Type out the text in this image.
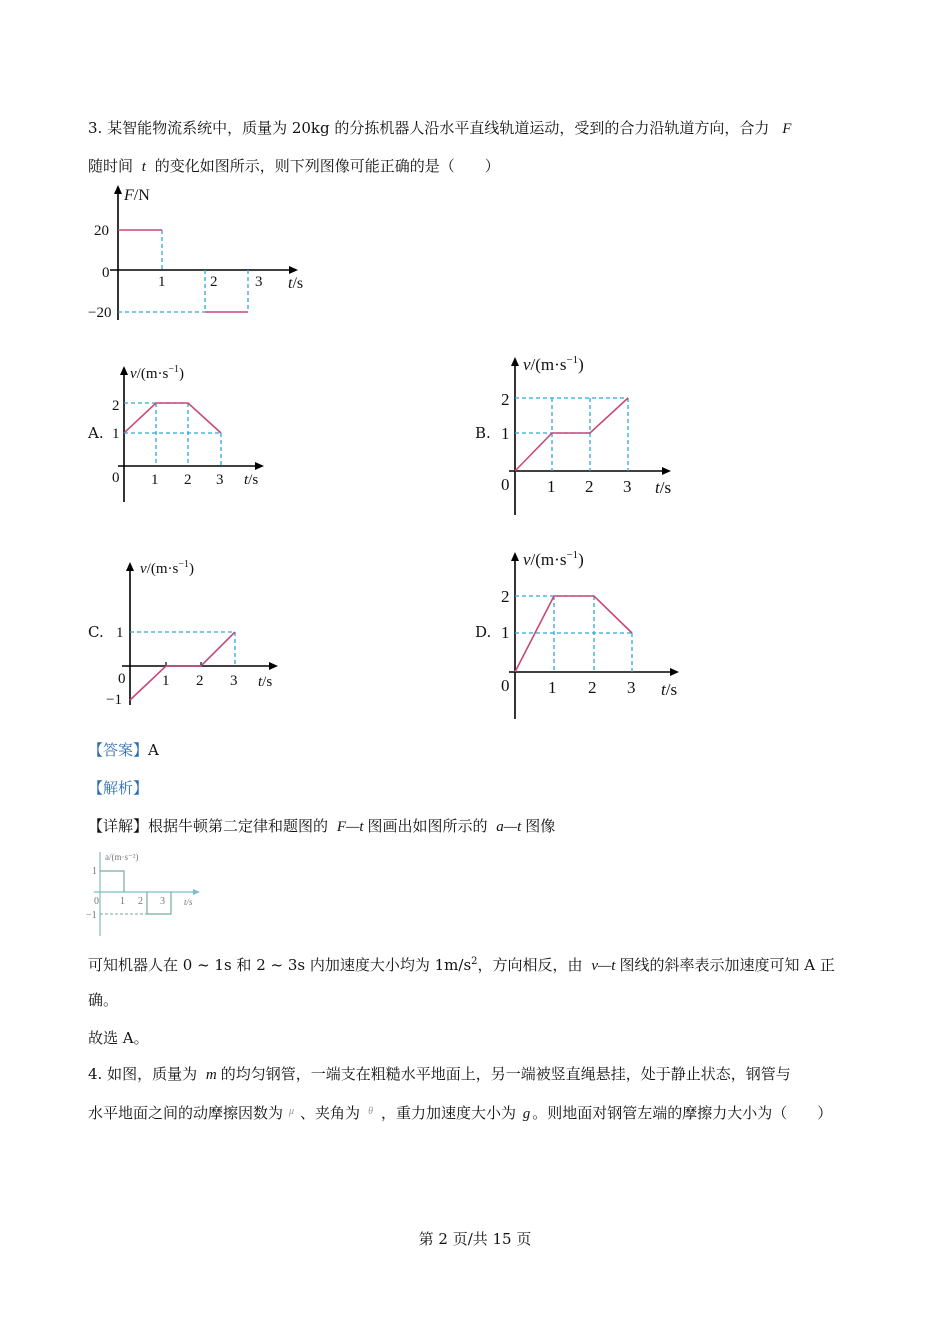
3. 某智能物流系统中，质量为 20kg 的分拣机器人沿水平直线轨道运动，受到的合力沿轨道方向，合力 F
随时间 t 的变化如图所示，则下列图像可能正确的是（　　）
F/N
t/s
20
0
−20
1	2	3
A.
$v/(m\cdot s^{-1})$
t/s
2
1
0 1 2 3
B.
$v/(m\cdot s^{-1})$
t/s
2
1
0 1 2 3
C.
$v/(m\cdot s^{-1})$
t/s
1
−1
0 1 2 3
D.
$v/(m\cdot s^{-1})$
t/s
2
1
0 1 2 3
【答案】A
【解析】
【详解】根据牛顿第二定律和题图的 F—t 图画出如图所示的 a—t 图像
a/(m·s⁻²)
t/s
1
0
−1
1 2 3
可知机器人在 0 ~ 1s 和 2 ~ 3s 内加速度大小均为 $1m/s^2$，方向相反，由 v—t 图线的斜率表示加速度可知 A 正
确。
故选 A。
4. 如图，质量为 m 的均匀钢管，一端支在粗糙水平地面上，另一端被竖直绳悬挂，处于静止状态，钢管与
水平地面之间的动摩擦因数为 $^\mu$ 、夹角为 $^\theta$ ，重力加速度大小为 g 。则地面对钢管左端的摩擦力大小为（　　）
第 2 页/共 15 页
